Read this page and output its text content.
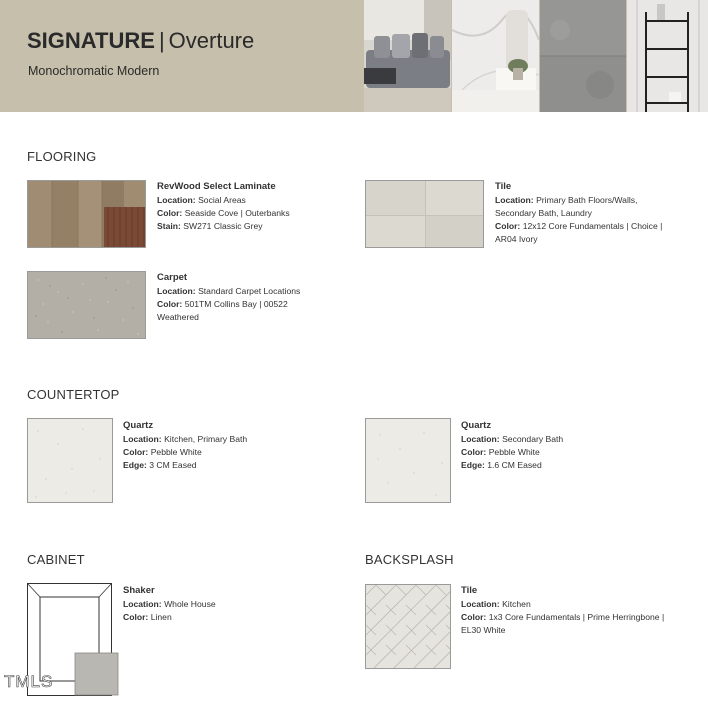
SIGNATURE | Overture
Monochromatic Modern
FLOORING
RevWood Select Laminate
Location: Social Areas
Color: Seaside Cove | Outerbanks
Stain: SW271 Classic Grey
Tile
Location: Primary Bath Floors/Walls,
Secondary Bath, Laundry
Color: 12x12 Core Fundamentals | Choice |
AR04 Ivory
Carpet
Location: Standard Carpet Locations
Color: 501TM Collins Bay | 00522
Weathered
COUNTERTOP
Quartz
Location: Kitchen, Primary Bath
Color: Pebble White
Edge: 3 CM Eased
Quartz
Location: Secondary Bath
Color: Pebble White
Edge: 1.6 CM Eased
CABINET
Shaker
Location: Whole House
Color: Linen
BACKSPLASH
Tile
Location: Kitchen
Color: 1x3 Core Fundamentals | Prime Herringbone |
EL30 White
TMLS
